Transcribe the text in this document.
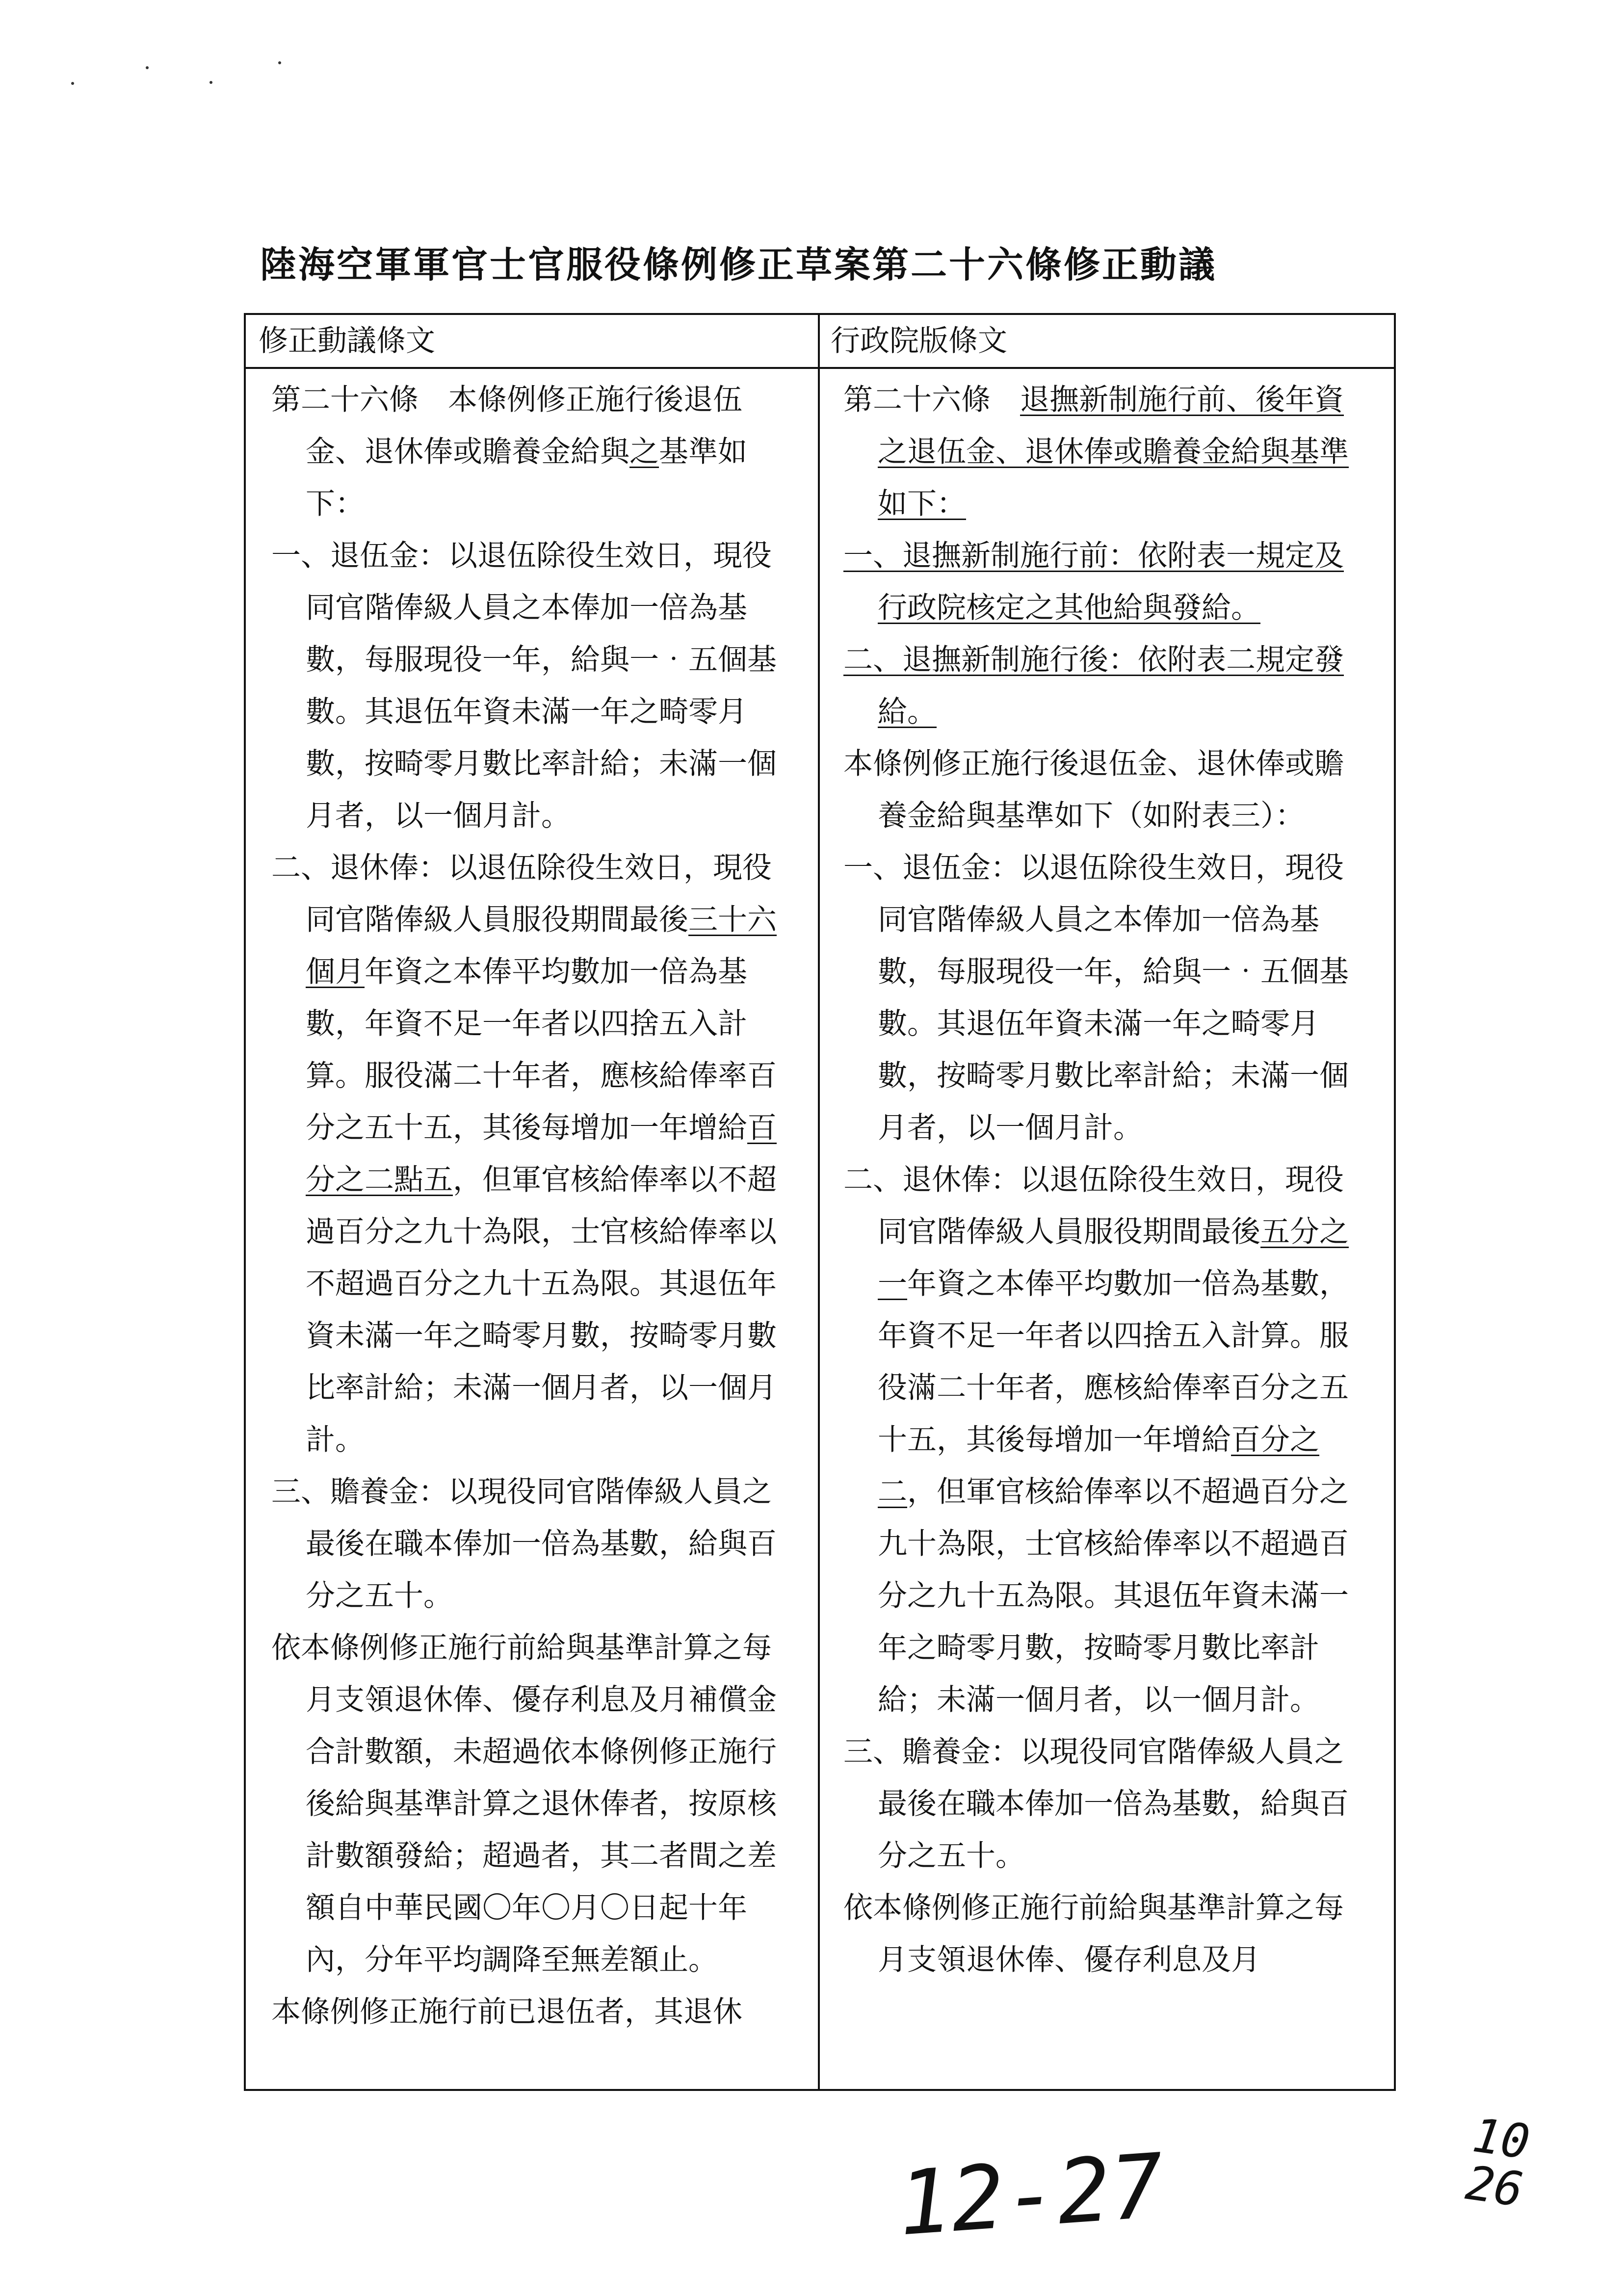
陸海空軍軍官士官服役條例修正草案第二十六條修正動議
修正動議條文	行政院版條文

第二十六條　本條例修正施行後退伍金、退休俸或贍養金給與之基準如下：

一、退伍金：以退伍除役生效日，現役同官階俸級人員之本俸加一倍為基數，每服現役一年，給與一‧五個基數。其退伍年資未滿一年之畸零月數，按畸零月數比率計給；未滿一個月者，以一個月計。

二、退休俸：以退伍除役生效日，現役同官階俸級人員服役期間最後三十六個月年資之本俸平均數加一倍為基數，年資不足一年者以四捨五入計算。服役滿二十年者，應核給俸率百分之五十五，其後每增加一年增給百分之二點五，但軍官核給俸率以不超過百分之九十為限，士官核給俸率以不超過百分之九十五為限。其退伍年資未滿一年之畸零月數，按畸零月數比率計給；未滿一個月者，以一個月計。

三、贍養金：以現役同官階俸級人員之最後在職本俸加一倍為基數，給與百分之五十。

依本條例修正施行前給與基準計算之每月支領退休俸、優存利息及月補償金合計數額，未超過依本條例修正施行後給與基準計算之退休俸者，按原核計數額發給；超過者，其二者間之差額自中華民國〇年〇月〇日起十年內，分年平均調降至無差額止。

本條例修正施行前已退伍者，其退休

第二十六條　退撫新制施行前、後年資之退伍金、退休俸或贍養金給與基準如下：

一、退撫新制施行前：依附表一規定及行政院核定之其他給與發給。

二、退撫新制施行後：依附表二規定發給。

本條例修正施行後退伍金、退休俸或贍養金給與基準如下（如附表三）：

一、退伍金：以退伍除役生效日，現役同官階俸級人員之本俸加一倍為基數，每服現役一年，給與一‧五個基數。其退伍年資未滿一年之畸零月數，按畸零月數比率計給；未滿一個月者，以一個月計。

二、退休俸：以退伍除役生效日，現役同官階俸級人員服役期間最後五分之一年資之本俸平均數加一倍為基數，年資不足一年者以四捨五入計算。服役滿二十年者，應核給俸率百分之五十五，其後每增加一年增給百分之二，但軍官核給俸率以不超過百分之九十為限，士官核給俸率以不超過百分之九十五為限。其退伍年資未滿一年之畸零月數，按畸零月數比率計給；未滿一個月者，以一個月計。

三、贍養金：以現役同官階俸級人員之最後在職本俸加一倍為基數，給與百分之五十。

依本條例修正施行前給與基準計算之每月支領退休俸、優存利息及月

12-27	10
26
